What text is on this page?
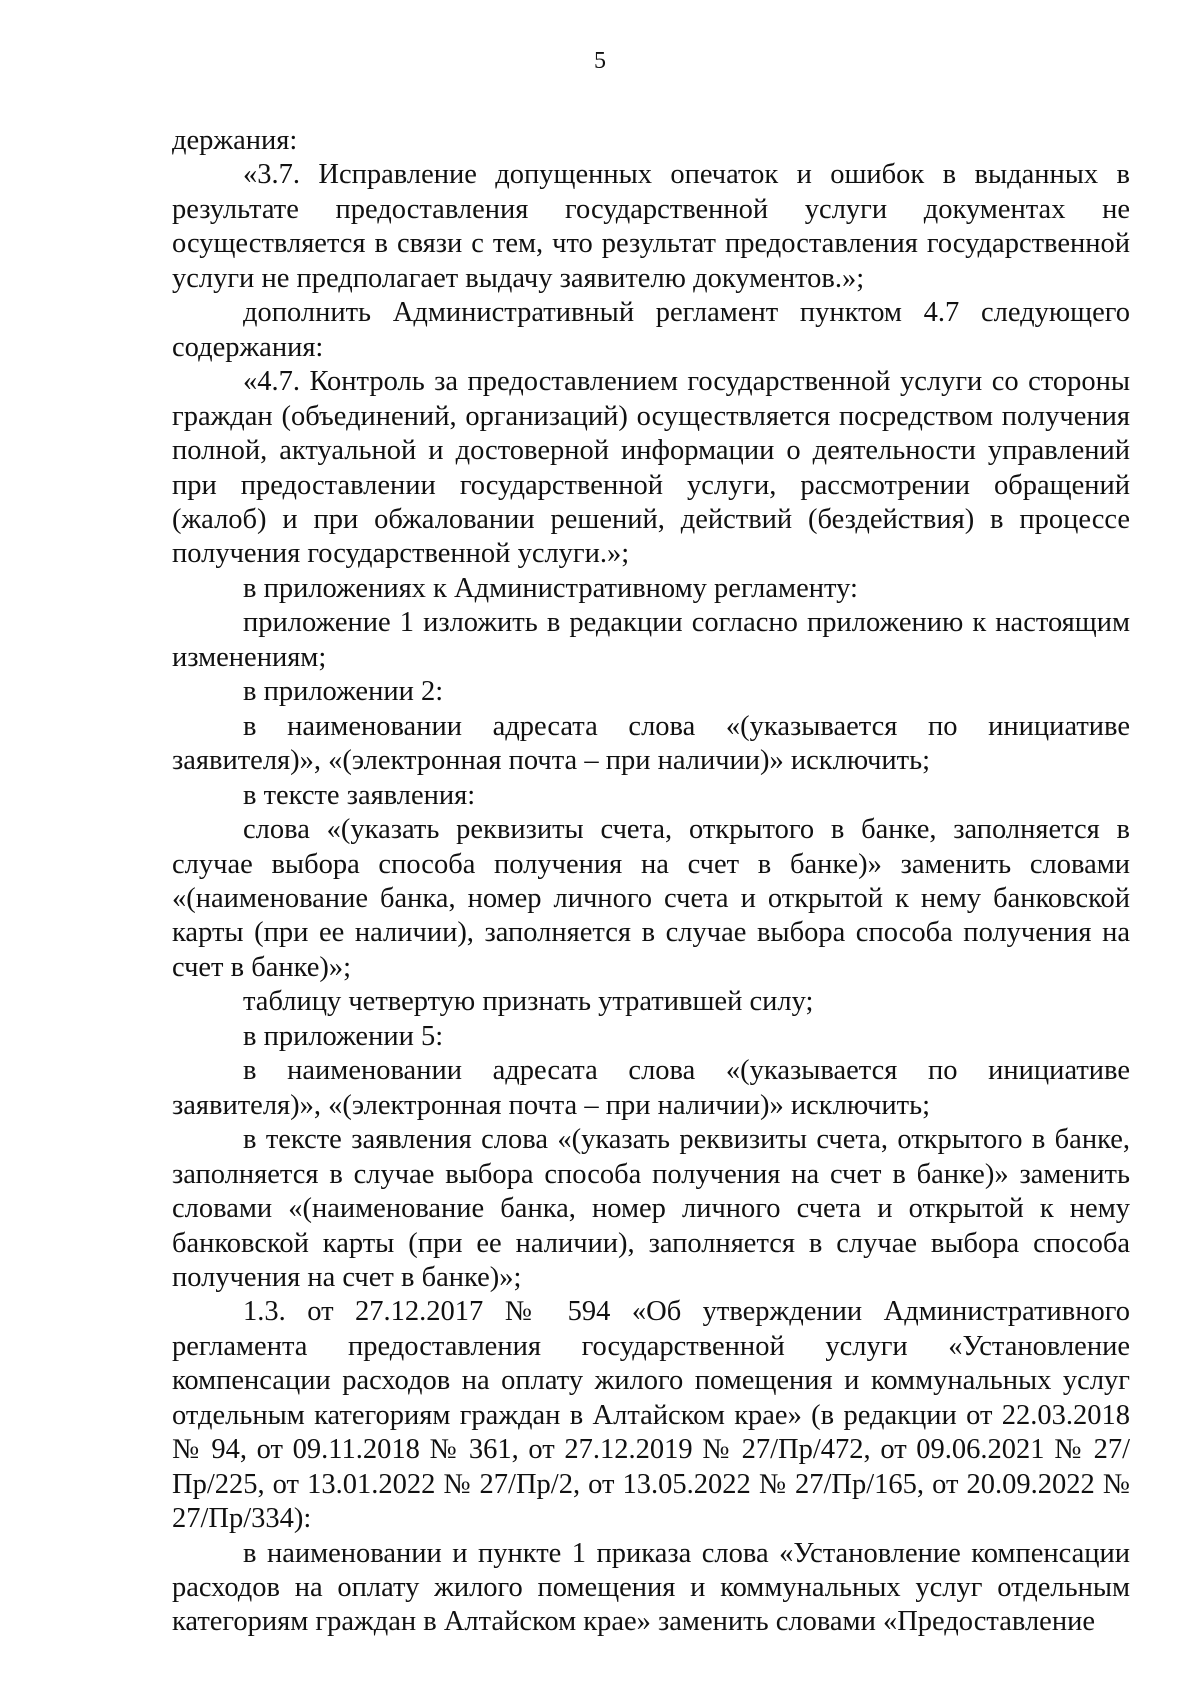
5

держания:

«3.7. Исправление допущенных опечаток и ошибок в выданных в результате предоставления государственной услуги документах не осуществляется в связи с тем, что результат предоставления государственной услуги не предполагает выдачу заявителю документов.»;

дополнить Административный регламент пунктом 4.7 следующего содержания:

«4.7. Контроль за предоставлением государственной услуги со стороны граждан (объединений, организаций) осуществляется посредством получения полной, актуальной и достоверной информации о деятельности управлений при предоставлении государственной услуги, рассмотрении обращений (жалоб) и при обжаловании решений, действий (бездействия) в процессе получения государственной услуги.»;

в приложениях к Административному регламенту:

приложение 1 изложить в редакции согласно приложению к настоящим изменениям;

в приложении 2:

в наименовании адресата слова «(указывается по инициативе заявителя)», «(электронная почта – при наличии)» исключить;

в тексте заявления:

слова «(указать реквизиты счета, открытого в банке, заполняется в случае выбора способа получения на счет в банке)» заменить словами «(наименование банка, номер личного счета и открытой к нему банковской карты (при ее наличии), заполняется в случае выбора способа получения на счет в банке)»;

таблицу четвертую признать утратившей силу;

в приложении 5:

в наименовании адресата слова «(указывается по инициативе заявителя)», «(электронная почта – при наличии)» исключить;

в тексте заявления слова «(указать реквизиты счета, открытого в банке, заполняется в случае выбора способа получения на счет в банке)» заменить словами «(наименование банка, номер личного счета и открытой к нему банковской карты (при ее наличии), заполняется в случае выбора способа получения на счет в банке)»;

1.3. от 27.12.2017 № 594 «Об утверждении Административного регламента предоставления государственной услуги «Установление компенсации расходов на оплату жилого помещения и коммунальных услуг отдельным категориям граждан в Алтайском крае» (в редакции от 22.03.2018 № 94, от 09.11.2018 № 361, от 27.12.2019 № 27/Пр/472, от 09.06.2021 № 27/Пр/225, от 13.01.2022 № 27/Пр/2, от 13.05.2022 № 27/Пр/165, от 20.09.2022 № 27/Пр/334):

в наименовании и пункте 1 приказа слова «Установление компенсации расходов на оплату жилого помещения и коммунальных услуг отдельным категориям граждан в Алтайском крае» заменить словами «Предоставление
